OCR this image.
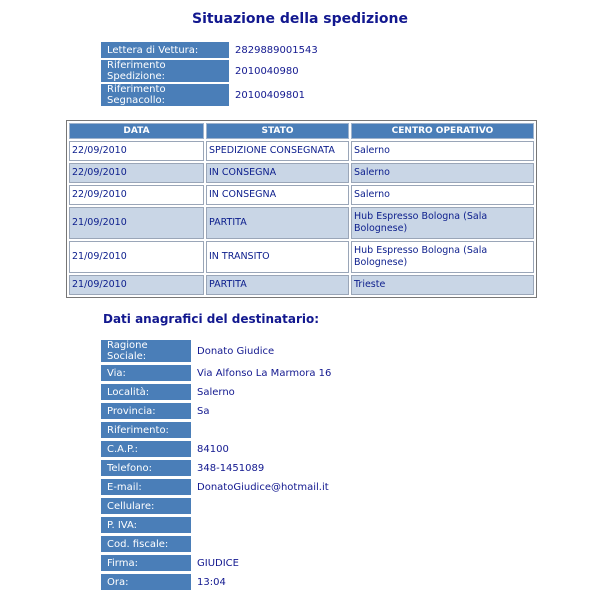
Situazione della spedizione
Lettera di Vettura:	2829889001543
Riferimento Spedizione:	2010040980
Riferimento Segnacollo:	20100409801
DATA	STATO	CENTRO OPERATIVO
22/09/2010	SPEDIZIONE CONSEGNATA	Salerno
22/09/2010	IN CONSEGNA	Salerno
22/09/2010	IN CONSEGNA	Salerno
21/09/2010	PARTITA	Hub Espresso Bologna (Sala Bolognese)
21/09/2010	IN TRANSITO	Hub Espresso Bologna (Sala Bolognese)
21/09/2010	PARTITA	Trieste
Dati anagrafici del destinatario:
Ragione Sociale:	Donato Giudice
Via:	Via Alfonso La Marmora 16
Località:	Salerno
Provincia:	Sa
Riferimento:	
C.A.P.:	84100
Telefono:	348-1451089
E-mail:	DonatoGiudice@hotmail.it
Cellulare:	
P. IVA:	
Cod. fiscale:	
Firma:	GIUDICE
Ora:	13:04
